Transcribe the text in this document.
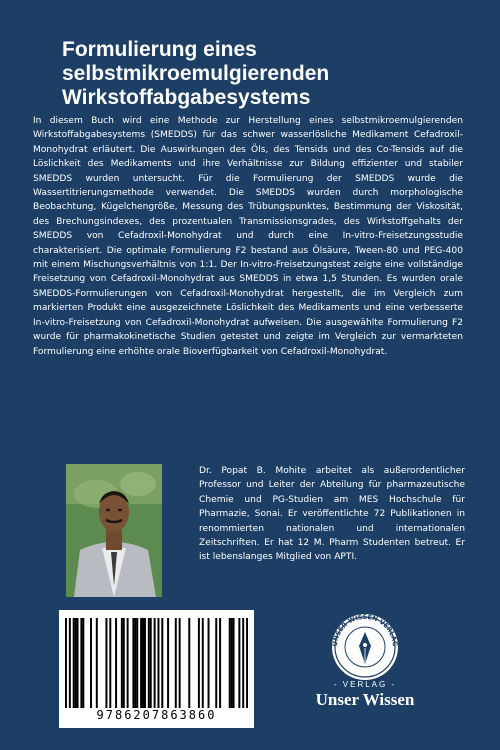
Formulierung eines
selbstmikroemulgierenden
Wirkstoffabgabesystems

In diesem Buch wird eine Methode zur Herstellung eines selbstmikroemulgierenden Wirkstoffabgabesystems (SMEDDS) für das schwer wasserlösliche Medikament Cefadroxil-Monohydrat erläutert. Die Auswirkungen des Öls, des Tensids und des Co-Tensids auf die Löslichkeit des Medikaments und ihre Verhältnisse zur Bildung effizienter und stabiler SMEDDS wurden untersucht. Für die Formulierung der SMEDDS wurde die Wassertitrierungsmethode verwendet. Die SMEDDS wurden durch morphologische Beobachtung, Kügelchengröße, Messung des Trübungspunktes, Bestimmung der Viskosität, des Brechungsindexes, des prozentualen Transmissionsgrades, des Wirkstoffgehalts der SMEDDS von Cefadroxil-Monohydrat und durch eine In-vitro-Freisetzungsstudie charakterisiert. Die optimale Formulierung F2 bestand aus Ölsäure, Tween-80 und PEG-400 mit einem Mischungsverhältnis von 1:1. Der In-vitro-Freisetzungstest zeigte eine vollständige Freisetzung von Cefadroxil-Monohydrat aus SMEDDS in etwa 1,5 Stunden. Es wurden orale SMEDDS-Formulierungen von Cefadroxil-Monohydrat hergestellt, die im Vergleich zum markierten Produkt eine ausgezeichnete Löslichkeit des Medikaments und eine verbesserte In-vitro-Freisetzung von Cefadroxil-Monohydrat aufweisen. Die ausgewählte Formulierung F2 wurde für pharmakokinetische Studien getestet und zeigte im Vergleich zur vermarkteten Formulierung eine erhöhte orale Bioverfügbarkeit von Cefadroxil-Monohydrat.

Dr. Popat B. Mohite arbeitet als außerordentlicher Professor und Leiter der Abteilung für pharmazeutische Chemie und PG-Studien am MES Hochschule für Pharmazie, Sonai. Er veröffentlichte 72 Publikationen in renommierten nationalen und internationalen Zeitschriften. Er hat 12 M. Pharm Studenten betreut. Er ist lebenslanges Mitglied von APTI.

9786207863860
UNSER WISSEN VERLAG
- VERLAG -
Unser Wissen
